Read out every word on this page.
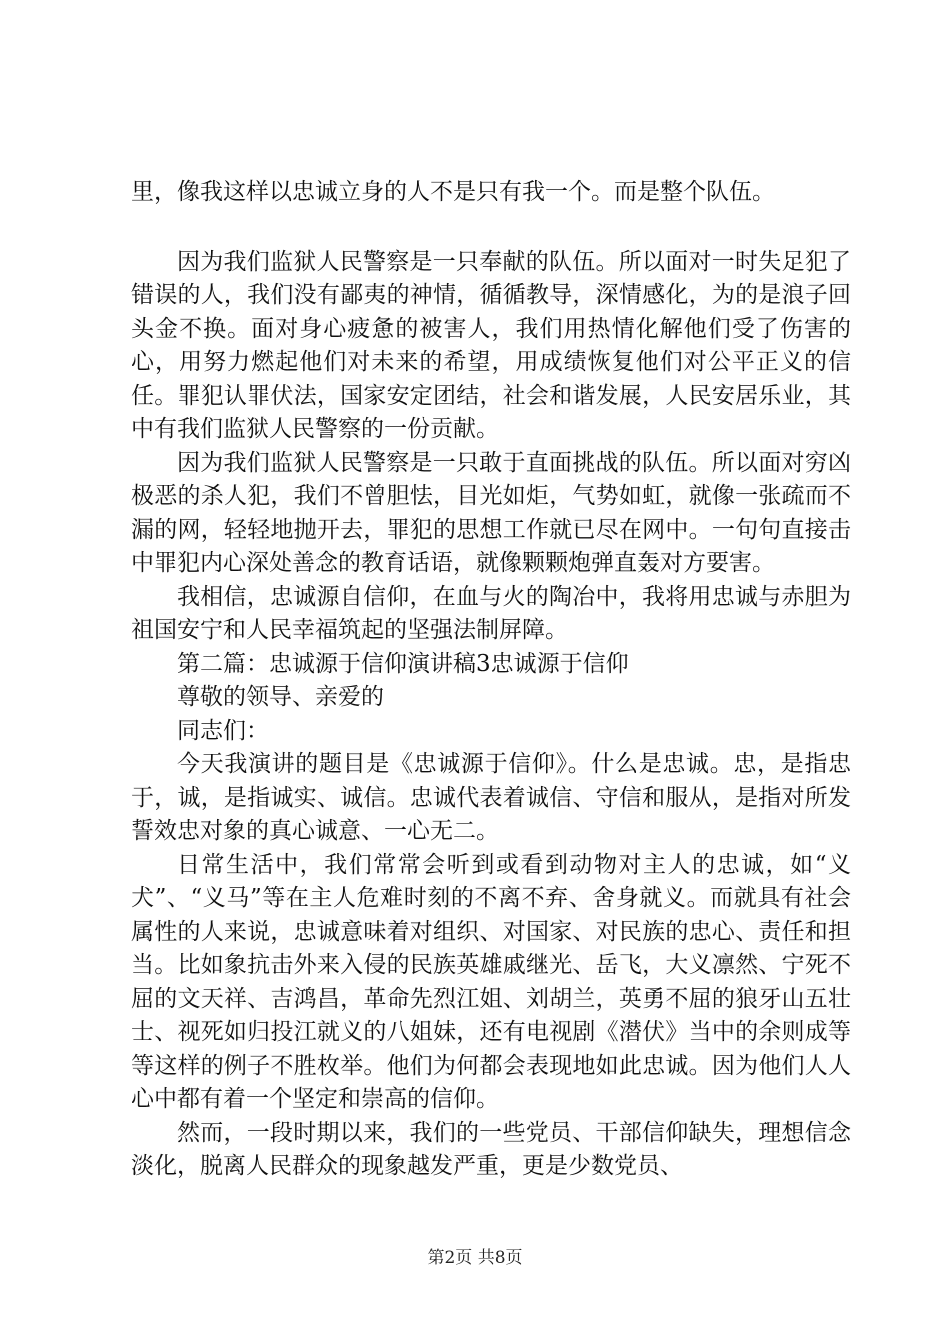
里，像我这样以忠诚立身的人不是只有我一个。而是整个队伍。

因为我们监狱人民警察是一只奉献的队伍。所以面对一时失足犯了错误的人，我们没有鄙夷的神情，循循教导，深情感化，为的是浪子回头金不换。面对身心疲惫的被害人，我们用热情化解他们受了伤害的心，用努力燃起他们对未来的希望，用成绩恢复他们对公平正义的信任。罪犯认罪伏法，国家安定团结，社会和谐发展，人民安居乐业，其中有我们监狱人民警察的一份贡献。

因为我们监狱人民警察是一只敢于直面挑战的队伍。所以面对穷凶极恶的杀人犯，我们不曾胆怯，目光如炬，气势如虹，就像一张疏而不漏的网，轻轻地抛开去，罪犯的思想工作就已尽在网中。一句句直接击中罪犯内心深处善念的教育话语，就像颗颗炮弹直轰对方要害。

我相信，忠诚源自信仰，在血与火的陶冶中，我将用忠诚与赤胆为祖国安宁和人民幸福筑起的坚强法制屏障。

第二篇：忠诚源于信仰演讲稿3忠诚源于信仰

尊敬的领导、亲爱的

同志们：

今天我演讲的题目是《忠诚源于信仰》。什么是忠诚。忠，是指忠于，诚，是指诚实、诚信。忠诚代表着诚信、守信和服从，是指对所发誓效忠对象的真心诚意、一心无二。

日常生活中，我们常常会听到或看到动物对主人的忠诚，如“义犬”、“义马”等在主人危难时刻的不离不弃、舍身就义。而就具有社会属性的人来说，忠诚意味着对组织、对国家、对民族的忠心、责任和担当。比如象抗击外来入侵的民族英雄戚继光、岳飞，大义凛然、宁死不屈的文天祥、吉鸿昌，革命先烈江姐、刘胡兰，英勇不屈的狼牙山五壮士、视死如归投江就义的八姐妹，还有电视剧《潜伏》当中的余则成等等这样的例子不胜枚举。他们为何都会表现地如此忠诚。因为他们人人心中都有着一个坚定和崇高的信仰。

然而，一段时期以来，我们的一些党员、干部信仰缺失，理想信念淡化，脱离人民群众的现象越发严重，更是少数党员、

第2页 共8页
